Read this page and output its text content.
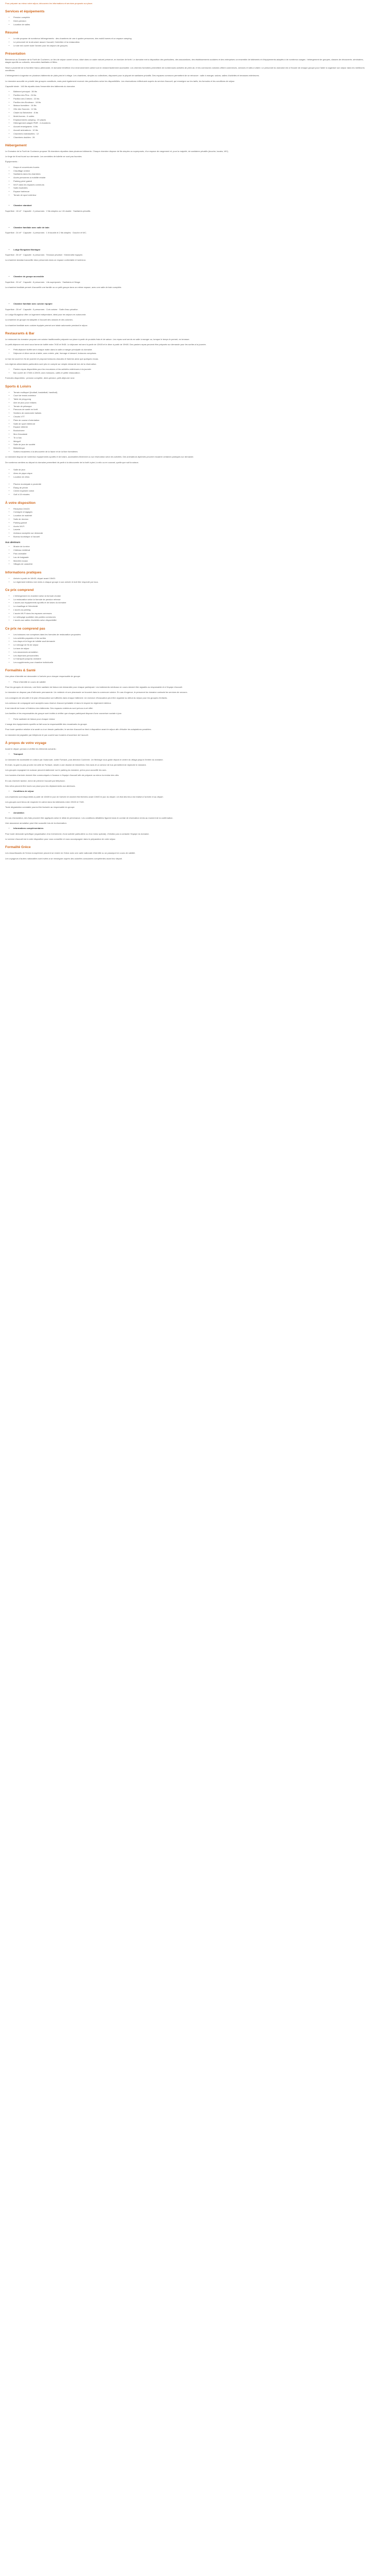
Pour préparer au mieux votre séjour, découvrez les informations et services proposés sur place.

Services et équipements
• Pension complète
• Demi-pension
• Location de salles
Résumé
• Le site propose de nombreux hébergements : des chambres de une à quatre personnes, des mobil-homes et un espace camping.
• Le personnel de la structure assure l'accueil, l'entretien et la restauration.
• Le site est ouvert toute l'année pour les séjours de groupes.
Présentation

Bienvenue au Domaine de la Forêt de Cocheren, un lieu de séjour ouvert à tous, situé dans un cadre naturel préservé, en bordure de forêt. Le domaine met à disposition des particuliers, des associations, des établissements scolaires et des entreprises un ensemble de bâtiments et d'équipements adaptés à de nombreux usages : hébergement de groupes, classes de découverte, séminaires, stages sportifs ou culturels, rencontres familiales et fêtes.

Situé à proximité de la frontière franco-allemande, le domaine bénéficie d'un environnement calme tout en restant facilement accessible. Les chemins forestiers permettent de nombreuses activités de plein air, et les communes voisines offrent commerces, services et sites à visiter. Le personnel du domaine est à l'écoute de chaque groupe pour l'aider à organiser son séjour dans les meilleures conditions.

L'hébergement s'organise en plusieurs bâtiments de plain-pied et à étage. Les chambres, simples ou collectives, disposent pour la plupart de sanitaires privatifs. Des espaces communs permettent de se retrouver : salle à manger, salons, salles d'activités et terrasses extérieures.

Le domaine accueille en priorité des groupes constitués, mais peut également recevoir des particuliers selon les disponibilités. Les réservations s'effectuent auprès du service d'accueil, qui renseigne sur les tarifs, les formules et les conditions de séjour.

Capacité totale : 148 lits répartis dans l'ensemble des bâtiments du domaine.

• Bâtiment principal : 38 lits
• Pavillon des Pins : 24 lits
• Pavillon des Chênes : 22 lits
• Pavillon des Bouleaux : 18 lits
• Maison forestière : 16 lits
• Gîte des Sources : 12 lits
• Chalet du Belvédère : 8 lits
• Mobil-homes : 6 unités
• Emplacements camping : 20 places
• Hébergement adapté PMR : 4 chambres
• Accueil enseignants : 6 lits
• Accueil animateurs : 10 lits
• Chambres individuelles : 12
• Chambres doubles : 26
Hébergement

Le Domaine de la Forêt de Cocheren propose 36 chambres réparties dans plusieurs bâtiments. Chaque chambre dispose de lits simples ou superposés, d'un espace de rangement et, pour la majorité, de sanitaires privatifs (douche, lavabo, WC).

Le linge de lit est fourni sur demande. Les serviettes de toilette ne sont pas fournies.

Équipements :

• Draps et couvertures fournis
• Chauffage central
• Sanitaires dans les chambres
• Accès personnes à mobilité réduite
• Parking privé gratuit
• Wi-Fi dans les espaces communs
• Salle d'activités
• Espace barbecue
• Terrain de sport extérieur
• Chambre standard

Superficie : 18 m² · Capacité : 2 personnes · 2 lits simples ou 1 lit double · Sanitaires privatifs.

• Chambre familiale avec salle de bain

Superficie : 24 m² · Capacité : 4 personnes · 1 lit double et 2 lits simples · Douche et WC.

• Lodge Bungalow Montagne

Superficie : 35 m² · Capacité : 6 personnes · Terrasse privative · Kitchenette équipée.

La chambre standard accueille deux personnes dans un espace confortable et lumineux.

• Chambre de groupe accessible

Superficie : 30 m² · Capacité : 8 personnes · Lits superposés · Sanitaires à l'étage.

La chambre familiale permet d'accueillir une famille ou un petit groupe dans un même espace, avec une salle de bain complète.

• Chambre familiale avec cuisine équipée

Superficie : 28 m² · Capacité : 5 personnes · Coin cuisine · Salle d'eau privative.

Le Lodge Bungalow offre un logement indépendant, idéal pour les séjours en autonomie.

La chambre de groupe est adaptée à l'accueil des classes et des colonies.

La chambre familiale avec cuisine équipée permet une totale autonomie pendant le séjour.

Restaurants & Bar

Le restaurant du domaine propose une cuisine traditionnelle préparée sur place à partir de produits frais et de saison. Les repas sont servis en salle à manger ou, lorsque le temps le permet, en terrasse.

Le petit-déjeuner est servi sous forme de buffet entre 7h30 et 9h30. Le déjeuner est servi à partir de 12h00 et le dîner à partir de 19h00. Des paniers repas peuvent être préparés sur demande pour les sorties à la journée.

• Petit-déjeuner buffet servi chaque matin dans la salle à manger principale du domaine.
• Déjeuner et dîner servis à table, avec entrée, plat, fromage et dessert, boissons comprises.

Le bar est ouvert en fin de journée et propose boissons chaudes et fraîches ainsi que quelques encas.

Les régimes alimentaires particuliers sont pris en compte sur simple demande lors de la réservation.

• Paniers repas disponibles pour les excursions et les activités extérieures à la journée.
• Bar ouvert de 17h00 à 22h00, avec boissons, cafés et petite restauration.

Formules disponibles : pension complète, demi-pension, petit-déjeuner seul.

Sports & Loisirs
• Terrain multisport (football, basketball, handball)
• Court de tennis extérieur
• Table de ping-pong
• Aire de jeux pour enfants
• Terrain de pétanque
• Parcours de santé en forêt
• Sentiers de randonnée balisés
• Circuits VTT
• Piste de course d'orientation
• Salle de sport intérieure
• Espace détente
• Boulodrome
• Mur d'escalade
• Tir à l'arc
• Minigolf
• Salle de jeux de société
• Bibliothèque
• Sorties encadrées à la découverte de la faune et de la flore forestières

Le domaine dispose de nombreux équipements sportifs et de loisirs, accessibles librement ou sur réservation selon les activités. Des animateurs diplômés peuvent encadrer certaines pratiques sur demande.

De nombreux sentiers au départ du domaine permettent de partir à la découverte de la forêt à pied, à vélo ou en courant, quelle que soit la saison.

• Salle de jeux
• Aires de pique-nique
• Location de vélos
• Piscine municipale à proximité
• Étang de pêche
• Centre équestre voisin
• Golf à 15 minutes
À votre disposition
• Réception 24h/24
• Consigne à bagages
• Location de matériel
• Salle de réunion
• Parking gratuit
• Accès Wi-Fi
• Laverie
• Animaux acceptés sur demande
• Bureau touristique à l'accueil
Aux alentours
• Musée de la mine
• Château médiéval
• Parc animalier
• Lac de baignade
• Marchés locaux
• Villages de caractère
Informations pratiques
• Arrivée à partir de 16h00, départ avant 10h00.
• Le règlement intérieur est remis à chaque groupe à son arrivée et doit être respecté par tous.
Ce prix comprend
• L'hébergement en chambre selon la formule choisie
• La restauration selon la formule de pension retenue
• L'accès aux équipements sportifs et de loisirs du domaine
• Le chauffage et l'électricité
• L'accès au parking
• L'accès Wi-Fi dans les espaces communs
• Le nettoyage quotidien des parties communes
• L'accès aux salles d'activités selon disponibilité
Ce prix ne comprend pas
• Les boissons non comprises dans les formules de restauration proposées
• Les activités payantes et les sorties
• Les draps et le linge de toilette sauf demande
• Le ménage de fin de séjour
• La taxe de séjour
• Les assurances annulation
• Les dépenses personnelles
• Le transport jusqu'au domaine
• Les suppléments pour chambre individuelle
Formalités & Santé

Une pièce d'identité est demandée à l'arrivée pour chaque responsable de groupe.

• Pièce d'identité en cours de validité

Pour les groupes de mineurs, une fiche sanitaire de liaison est demandée pour chaque participant. Les traitements médicaux en cours doivent être signalés au responsable et à l'équipe d'accueil.

Le domaine ne dispose pas d'infirmerie permanente. Un médecin et une pharmacie se trouvent dans la commune voisine. En cas d'urgence, le personnel du domaine contacte les services de secours.

Les consignes de sécurité et le plan d'évacuation sont affichés dans chaque bâtiment. Un exercice d'évacuation peut être organisé au début du séjour pour les groupes d'enfants.

Les animaux de compagnie sont acceptés sous réserve d'accord préalable et dans le respect du règlement intérieur.

Il est interdit de fumer à l'intérieur des bâtiments. Des espaces extérieurs sont prévus à cet effet.

Les familles et les responsables de groupe sont invités à vérifier que chaque participant dispose d'une couverture sociale à jour.

• Fiche sanitaire de liaison pour chaque mineur

L'usage des équipements sportifs se fait sous la responsabilité des encadrants du groupe.

Pour toute question relative à la santé ou à un besoin particulier, le service d'accueil se tient à disposition avant le séjour afin d'étudier les adaptations possibles.

Le domaine est joignable par téléphone et par courriel aux horaires d'ouverture de l'accueil.

À propos de votre voyage

Avant le départ, pensez à vérifier les éléments suivants :

• Transport

Le domaine est accessible en voiture par l'autoroute, sortie Forbach, puis direction Cocheren. Un fléchage vous guide depuis le centre du village jusqu'à l'entrée du domaine.

En train, la gare la plus proche est celle de Forbach, située à une dizaine de kilomètres. Des taxis et un service de bus permettent de rejoindre le domaine.

Les groupes voyageant en autocar peuvent stationner sur le parking du domaine, prévu pour accueillir les cars.

Les horaires d'arrivée doivent être communiqués à l'avance à l'équipe d'accueil afin de préparer au mieux la remise des clés.

En cas d'arrivée tardive, merci de prévenir l'accueil par téléphone.

Des vélos peuvent être loués sur place pour les déplacements aux alentours.

• Conditions de séjour

Les chambres sont disponibles à partir de 16h00 le jour de l'arrivée et doivent être libérées avant 10h00 le jour du départ. Un état des lieux est réalisé à l'arrivée et au départ.

Les groupes sont tenus de respecter le calme dans les bâtiments entre 22h00 et 7h00.

Toute dégradation constatée pourra être facturée au responsable du groupe.

• Annulation

En cas d'annulation, des frais peuvent être appliqués selon le délai de prévenance. Les conditions détaillées figurent dans le contrat de réservation remis au moment de la confirmation.

Une assurance annulation peut être souscrite lors de la réservation.

• Informations complémentaires

Pour toute demande spécifique (organisation d'un événement, d'une activité particulière ou d'un menu spécial), n'hésitez pas à contacter l'équipe du domaine.

Le service d'accueil est à votre disposition pour vous conseiller et vous accompagner dans la préparation de votre séjour.

Formalité Grèce

Les ressortissants de l'Union européenne peuvent se rendre en Grèce avec une carte nationale d'identité ou un passeport en cours de validité.

Les voyageurs d'autres nationalités sont invités à se renseigner auprès des autorités consulaires compétentes avant leur départ.
